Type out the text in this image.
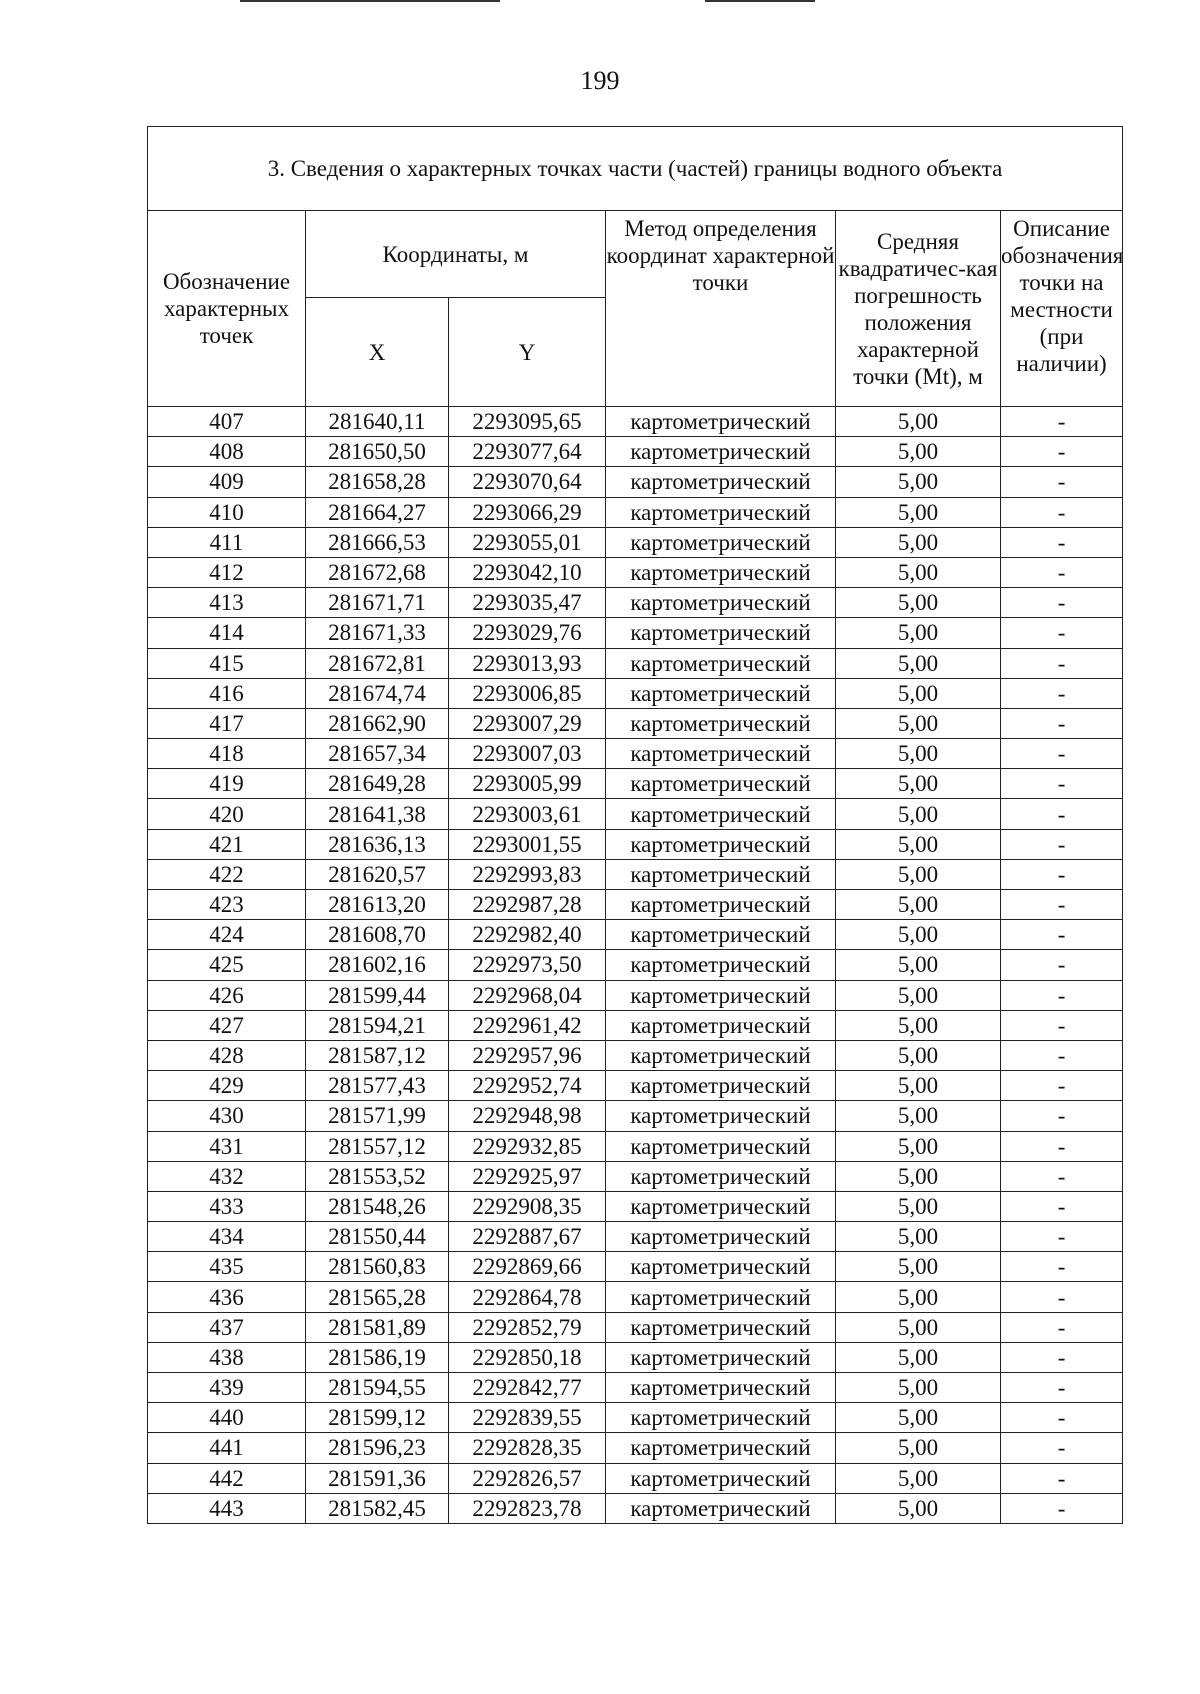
199
3. Сведения о характерных точках части (частей) границы водного объекта					
Обозначение характерных точек	Координаты, м		Метод определения координат характерной точки	Средняя квадратичес-кая погрешность положения характерной точки (Mt), м	Описание обозначения точки на местности (при наличии)
	X	Y			
407	281640,11	2293095,65	картометрический	5,00	-
408	281650,50	2293077,64	картометрический	5,00	-
409	281658,28	2293070,64	картометрический	5,00	-
410	281664,27	2293066,29	картометрический	5,00	-
411	281666,53	2293055,01	картометрический	5,00	-
412	281672,68	2293042,10	картометрический	5,00	-
413	281671,71	2293035,47	картометрический	5,00	-
414	281671,33	2293029,76	картометрический	5,00	-
415	281672,81	2293013,93	картометрический	5,00	-
416	281674,74	2293006,85	картометрический	5,00	-
417	281662,90	2293007,29	картометрический	5,00	-
418	281657,34	2293007,03	картометрический	5,00	-
419	281649,28	2293005,99	картометрический	5,00	-
420	281641,38	2293003,61	картометрический	5,00	-
421	281636,13	2293001,55	картометрический	5,00	-
422	281620,57	2292993,83	картометрический	5,00	-
423	281613,20	2292987,28	картометрический	5,00	-
424	281608,70	2292982,40	картометрический	5,00	-
425	281602,16	2292973,50	картометрический	5,00	-
426	281599,44	2292968,04	картометрический	5,00	-
427	281594,21	2292961,42	картометрический	5,00	-
428	281587,12	2292957,96	картометрический	5,00	-
429	281577,43	2292952,74	картометрический	5,00	-
430	281571,99	2292948,98	картометрический	5,00	-
431	281557,12	2292932,85	картометрический	5,00	-
432	281553,52	2292925,97	картометрический	5,00	-
433	281548,26	2292908,35	картометрический	5,00	-
434	281550,44	2292887,67	картометрический	5,00	-
435	281560,83	2292869,66	картометрический	5,00	-
436	281565,28	2292864,78	картометрический	5,00	-
437	281581,89	2292852,79	картометрический	5,00	-
438	281586,19	2292850,18	картометрический	5,00	-
439	281594,55	2292842,77	картометрический	5,00	-
440	281599,12	2292839,55	картометрический	5,00	-
441	281596,23	2292828,35	картометрический	5,00	-
442	281591,36	2292826,57	картометрический	5,00	-
443	281582,45	2292823,78	картометрический	5,00	-
